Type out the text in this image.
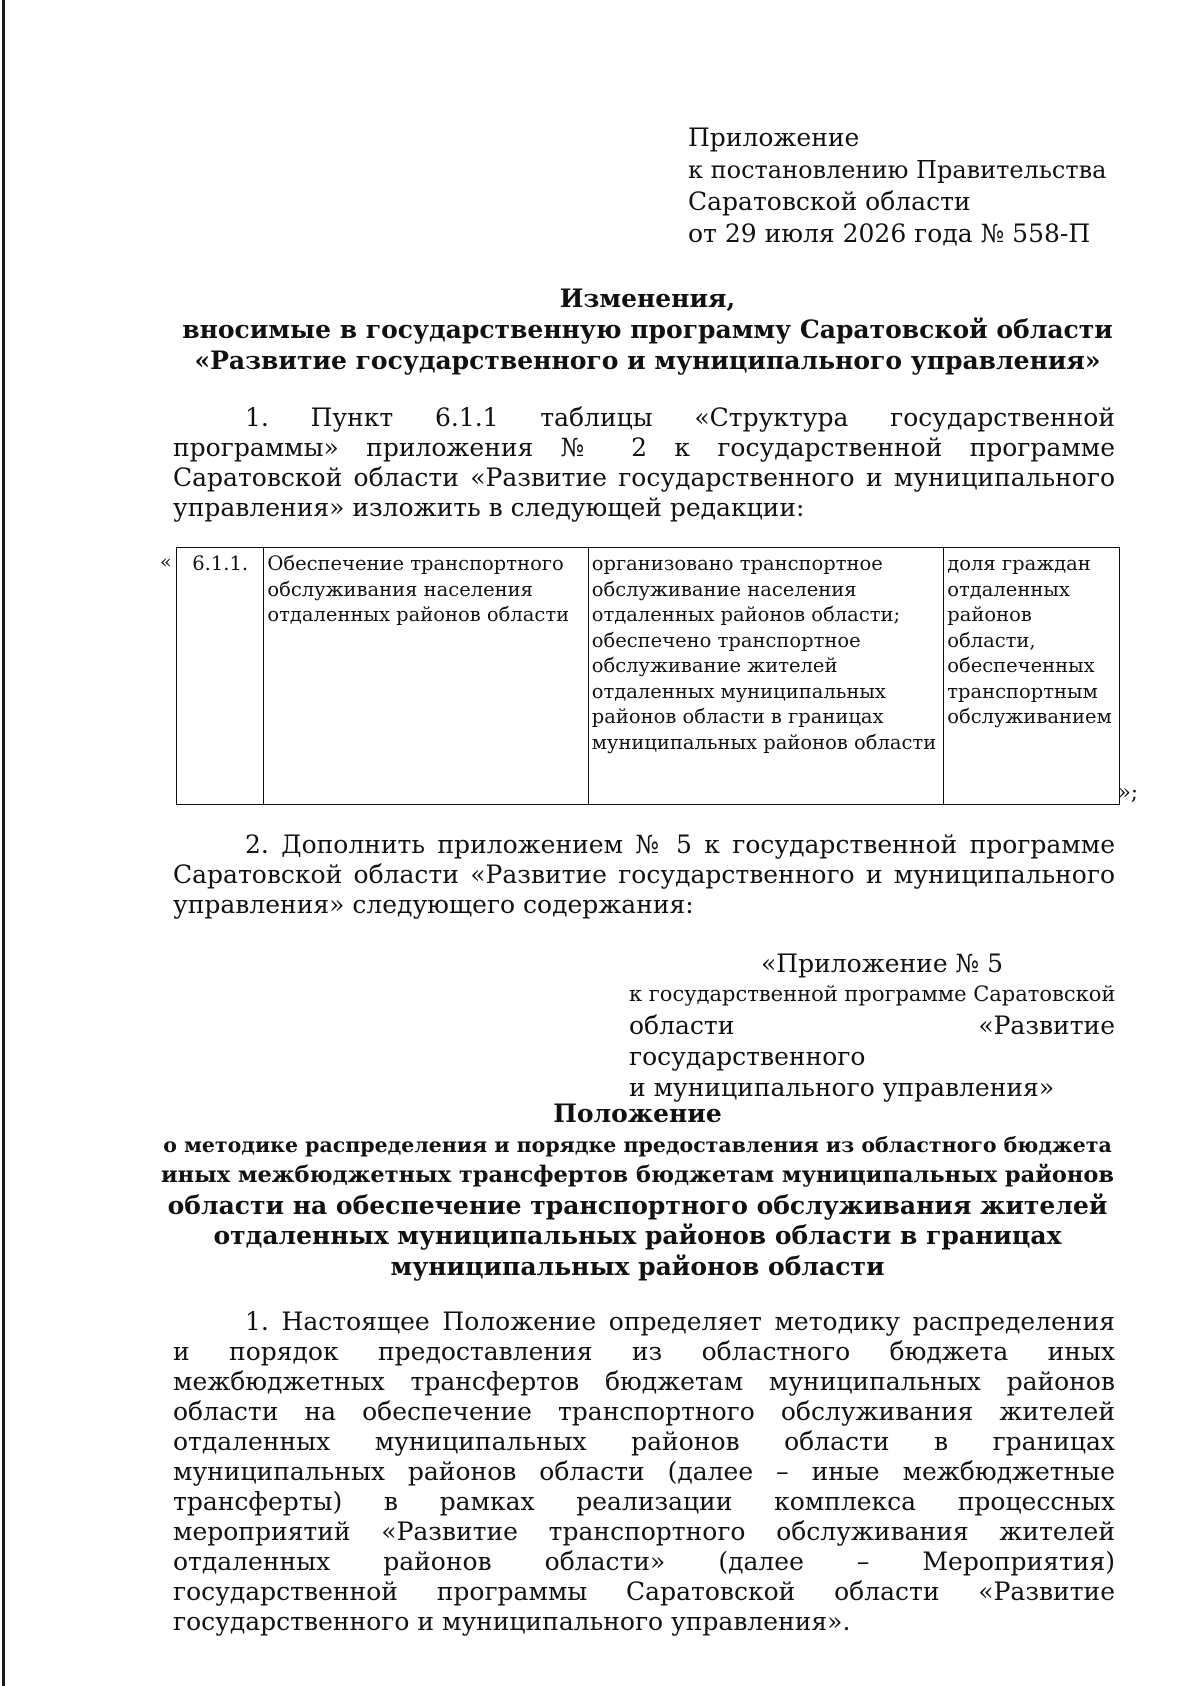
Приложение
к постановлению Правительства
Саратовской области
от 29 июля 2026 года № 558-П
Изменения,
вносимые в государственную программу Саратовской области
«Развитие государственного и муниципального управления»
1. Пункт 6.1.1 таблицы «Структура государственной программы» приложения № 2 к государственной программе Саратовской области «Развитие государственного и муниципального управления» изложить в следующей редакции:
« 6.1.1.	Обеспечение транспортного обслуживания населения отдаленных районов области	организовано транспортное обслуживание населения отдаленных районов области; обеспечено транспортное обслуживание жителей отдаленных муниципальных районов области в границах муниципальных районов области	доля граждан отдаленных районов области, обеспеченных транспортным обслуживанием
»;
2. Дополнить приложением № 5 к государственной программе Саратовской области «Развитие государственного и муниципального управления» следующего содержания:
«Приложение № 5
к государственной программе Саратовской
области «Развитие государственного
и муниципального управления»
Положение
о методике распределения и порядке предоставления из областного бюджета
иных межбюджетных трансфертов бюджетам муниципальных районов
области на обеспечение транспортного обслуживания жителей
отдаленных муниципальных районов области в границах
муниципальных районов области
1. Настоящее Положение определяет методику распределения и порядок предоставления из областного бюджета иных межбюджетных трансфертов бюджетам муниципальных районов области на обеспечение транспортного обслуживания жителей отдаленных муниципальных районов области в границах муниципальных районов области (далее – иные межбюджетные трансферты) в рамках реализации комплекса процессных мероприятий «Развитие транспортного обслуживания жителей отдаленных районов области» (далее – Мероприятия) государственной программы Саратовской области «Развитие государственного и муниципального управления».
